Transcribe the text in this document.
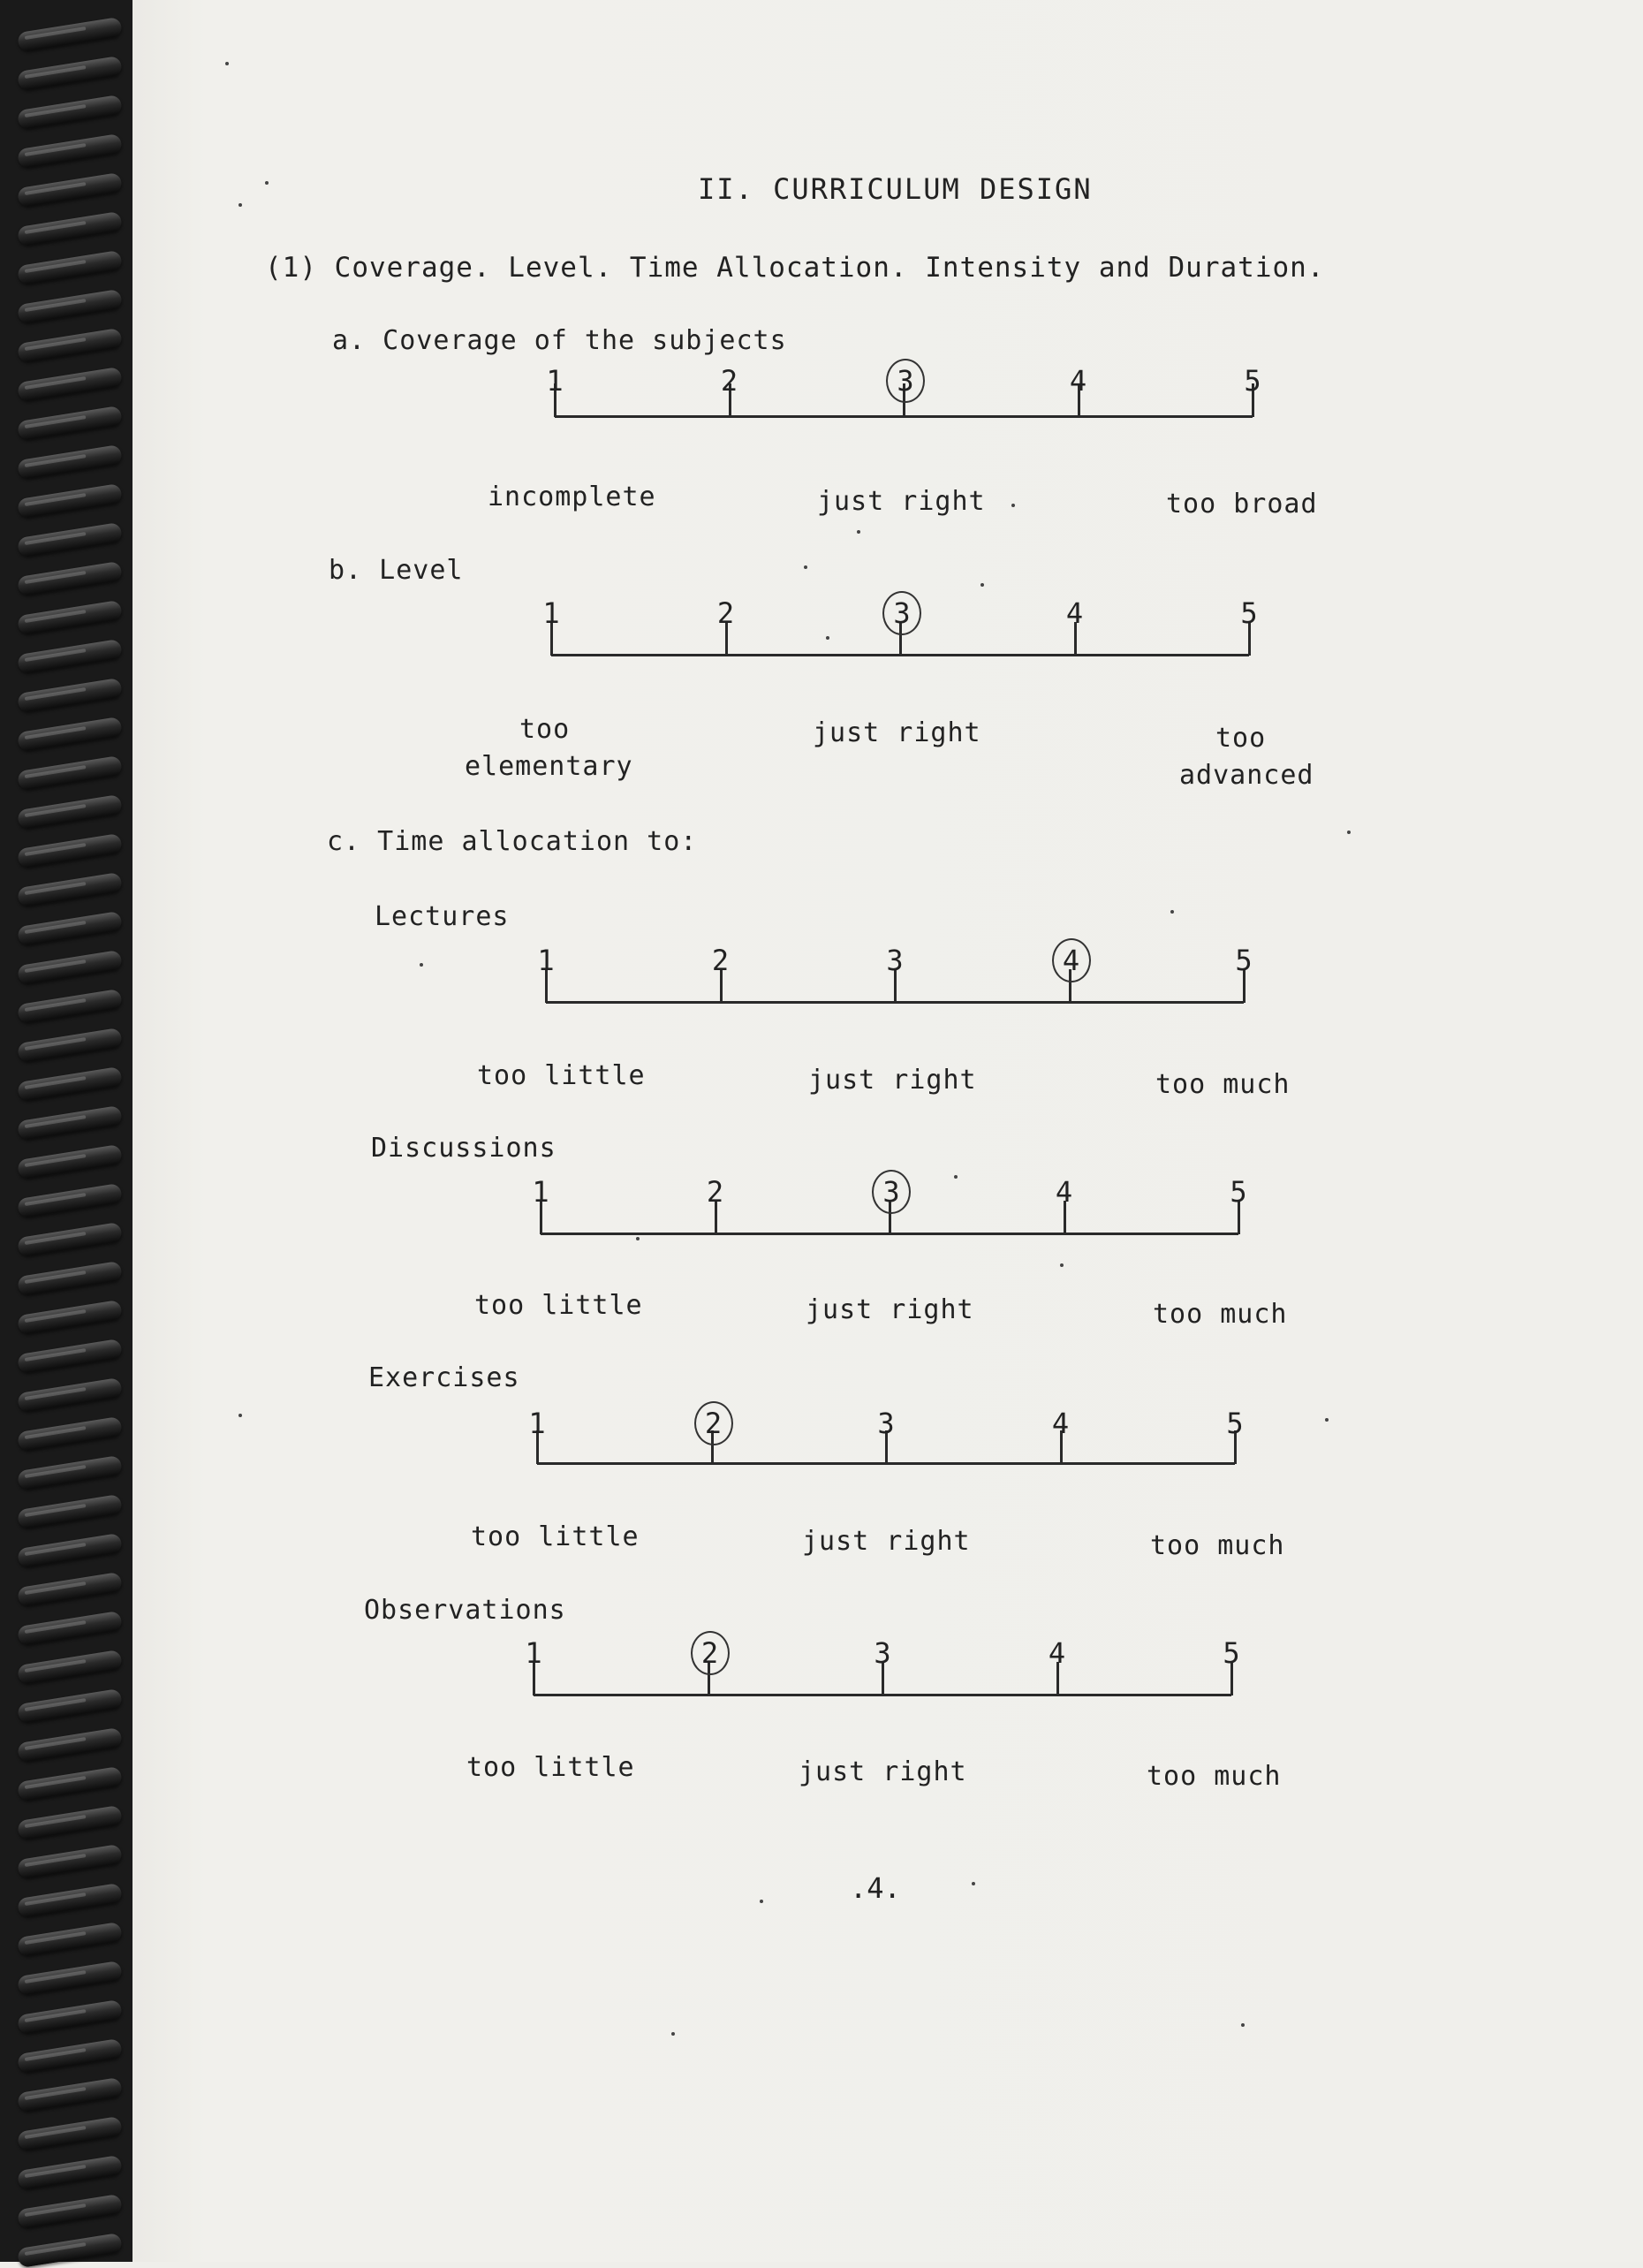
II. CURRICULUM DESIGN
(1) Coverage. Level. Time Allocation. Intensity and Duration.
a. Coverage of the subjects
incomplete	just right	too broad
b. Level
too
elementary
just right	too
advanced
c. Time allocation to:
Lectures
too little	just right	too much
Discussions
too little	just right	too much
Exercises
too little	just right	too much
Observations
too little	just right	too much
.4.
1	2	3	4	5
1	2	3	4	5
1	2	3	4	5
1	2	3	4	5
1	2	3	4	5
1	2	3	4	5
